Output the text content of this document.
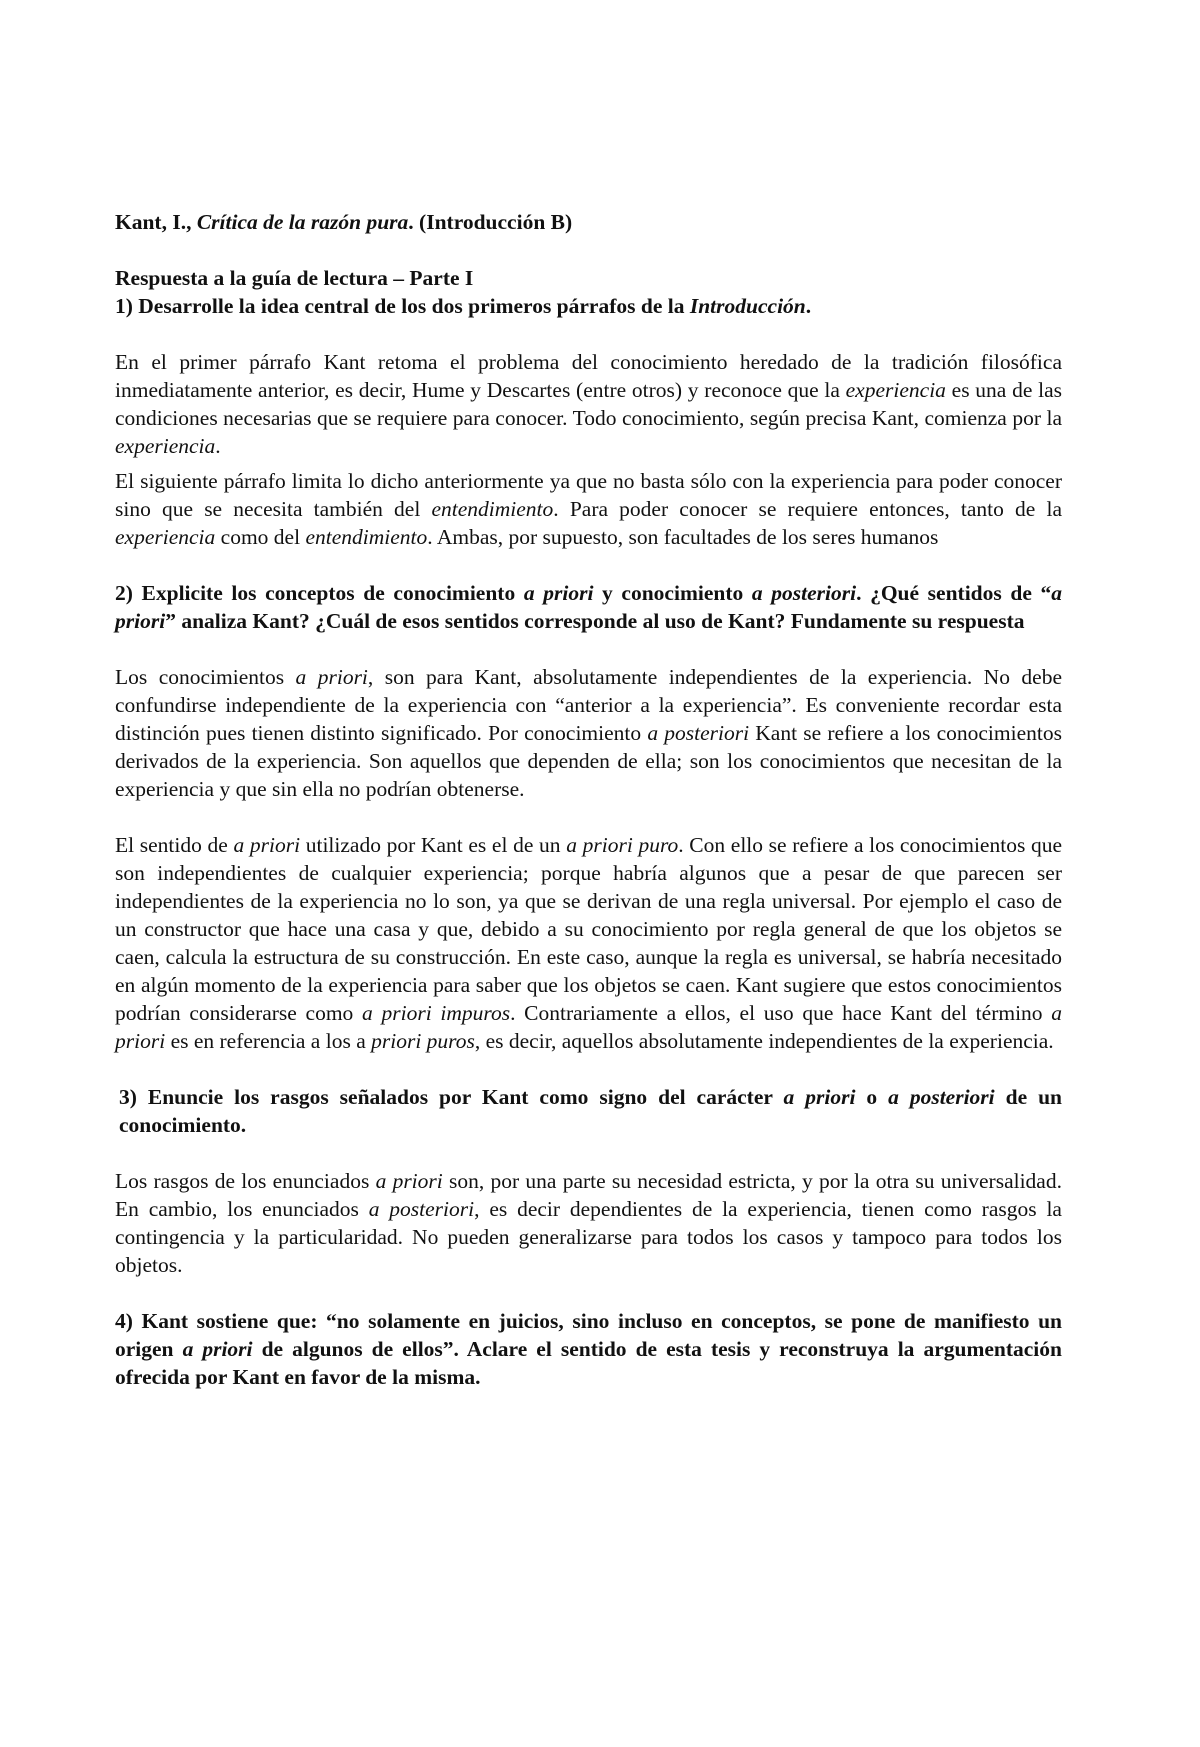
Kant, I., Crítica de la razón pura. (Introducción B)

Respuesta a la guía de lectura – Parte I

1) Desarrolle la idea central de los dos primeros párrafos de la Introducción.

En el primer párrafo Kant retoma el problema del conocimiento heredado de la tradición filosófica inmediatamente anterior, es decir, Hume y Descartes (entre otros) y reconoce que la experiencia es una de las condiciones necesarias que se requiere para conocer. Todo conocimiento, según precisa Kant, comienza por la experiencia.

El siguiente párrafo limita lo dicho anteriormente ya que no basta sólo con la experiencia para poder conocer sino que se necesita también del entendimiento. Para poder conocer se requiere entonces, tanto de la experiencia como del entendimiento. Ambas, por supuesto, son facultades de los seres humanos

2) Explicite los conceptos de conocimiento a priori y conocimiento a posteriori. ¿Qué sentidos de “a priori” analiza Kant? ¿Cuál de esos sentidos corresponde al uso de Kant? Fundamente su respuesta

Los conocimientos a priori, son para Kant, absolutamente independientes de la experiencia. No debe confundirse independiente de la experiencia con “anterior a la experiencia”. Es conveniente recordar esta distinción pues tienen distinto significado. Por conocimiento a posteriori Kant se refiere a los conocimientos derivados de la experiencia. Son aquellos que dependen de ella; son los conocimientos que necesitan de la experiencia y que sin ella no podrían obtenerse.

El sentido de a priori utilizado por Kant es el de un a priori puro. Con ello se refiere a los conocimientos que son independientes de cualquier experiencia; porque habría algunos que a pesar de que parecen ser independientes de la experiencia no lo son, ya que se derivan de una regla universal. Por ejemplo el caso de un constructor que hace una casa y que, debido a su conocimiento por regla general de que los objetos se caen, calcula la estructura de su construcción. En este caso, aunque la regla es universal, se habría necesitado en algún momento de la experiencia para saber que los objetos se caen. Kant sugiere que estos conocimientos podrían considerarse como a priori impuros. Contrariamente a ellos, el uso que hace Kant del término a priori es en referencia a los a priori puros, es decir, aquellos absolutamente independientes de la experiencia.

3) Enuncie los rasgos señalados por Kant como signo del carácter a priori o a posteriori de un conocimiento.

Los rasgos de los enunciados a priori son, por una parte su necesidad estricta, y por la otra su universalidad. En cambio, los enunciados a posteriori, es decir dependientes de la experiencia, tienen como rasgos la contingencia y la particularidad. No pueden generalizarse para todos los casos y tampoco para todos los objetos.

4) Kant sostiene que: “no solamente en juicios, sino incluso en conceptos, se pone de manifiesto un origen a priori de algunos de ellos”. Aclare el sentido de esta tesis y reconstruya la argumentación ofrecida por Kant en favor de la misma.
